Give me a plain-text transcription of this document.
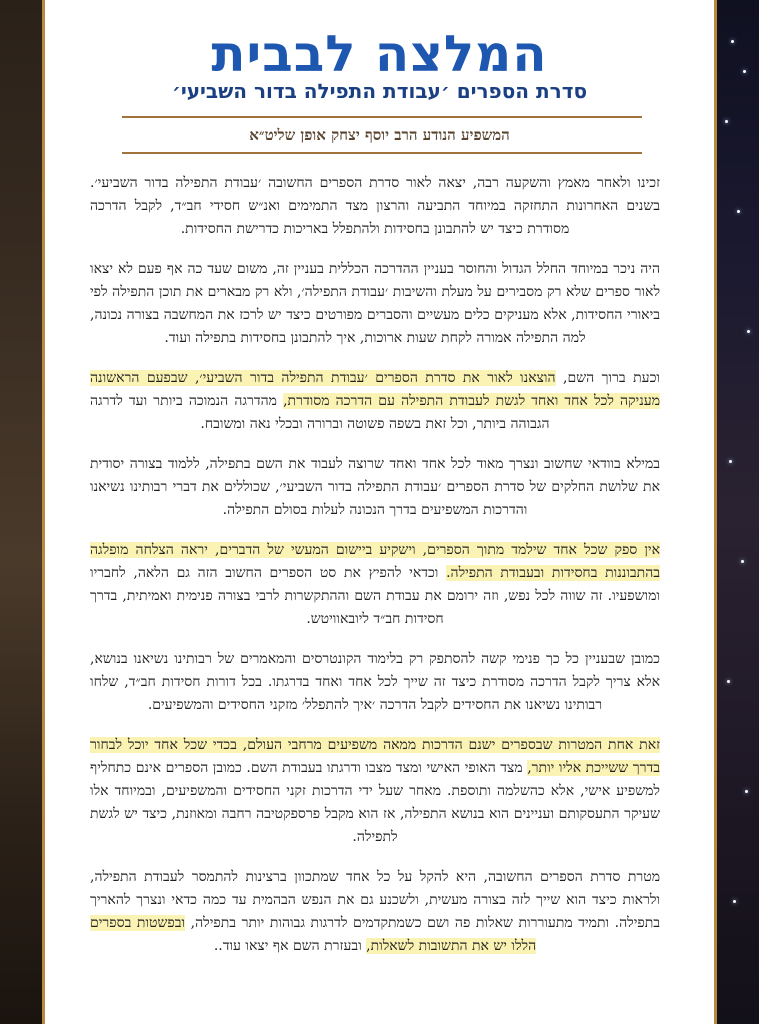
המלצה לבבית
סדרת הספרים ׳עבודת התפילה בדור השביעי׳
המשפיע הנודע הרב יוסף יצחק אופן שליט״א

זכינו ולאחר מאמץ והשקעה רבה, יצאה לאור סדרת הספרים החשובה ׳עבודת התפילה בדור השביעי׳. בשנים האחרונות התחזקה במיוחד התביעה והרצון מצד התמימים ואנ״ש חסידי חב״ד, לקבל הדרכה מסודרת כיצד יש להתבונן בחסידות ולהתפלל באריכות כדרישת החסידות.

היה ניכר במיוחד החלל הגדול והחוסר בעניין ההדרכה הכללית בעניין זה, משום שעד כה אף פעם לא יצאו לאור ספרים שלא רק מסבירים על מעלת והשיבות ׳עבודת התפילה׳, ולא רק מבארים את תוכן התפילה לפי ביאורי החסידות, אלא מעניקים כלים מעשיים והסברים מפורטים כיצד יש לרכז את המחשבה בצורה נכונה, למה התפילה אמורה לקחת שעות ארוכות, איך להתבונן בחסידות בתפילה ועוד.

וכעת ברוך השם, הוצאנו לאור את סדרת הספרים ׳עבודת התפילה בדור השביעי׳, שבפעם הראשונה מעניקה לכל אחד ואחד לגשת לעבודת התפילה עם הדרכה מסודרת, מהדרגה הנמוכה ביותר ועד לדרגה הגבוהה ביותר, וכל זאת בשפה פשוטה וברורה ובכלי נאה ומשובח.

במילא בוודאי שחשוב ונצרך מאוד לכל אחד ואחד שרוצה לעבוד את השם בתפילה, ללמוד בצורה יסודית את שלושת החלקים של סדרת הספרים ׳עבודת התפילה בדור השביעי׳, שכוללים את דברי רבותינו נשיאנו והדרכות המשפיעים בדרך הנכונה לעלות בסולם התפילה.

אין ספק שכל אחד שילמד מתוך הספרים, וישקיע ביישום המעשי של הדברים, יראה הצלחה מופלגה בהתבוננות בחסידות ובעבודת התפילה. וכדאי להפיץ את סט הספרים החשוב הזה גם הלאה, לחבריו ומושפעיו. זה שווה לכל נפש, וזה ירומם את עבודת השם וההתקשרות לרבי בצורה פנימית ואמיתית, בדרך חסידות חב״ד ליובאוויטש.

כמובן שבעניין כל כך פנימי קשה להסתפק רק בלימוד הקונטרסים והמאמרים של רבותינו נשיאנו בנושא, אלא צריך לקבל הדרכה מסודרת כיצד זה שייך לכל אחד ואחד בדרגתו. בכל דורות חסידות חב״ד, שלחו רבותינו נשיאנו את החסידים לקבל הדרכה ׳איך להתפלל׳ מזקני החסידים והמשפיעים.

זאת אחת המטרות שבספרים ישנם הדרכות ממאה משפיעים מרחבי העולם, בכדי שכל אחד יוכל לבחור בדרך ששייכת אליו יותר, מצד האופי האישי ומצד מצבו ודרגתו בעבודת השם. כמובן הספרים אינם כתחליף למשפיע אישי, אלא כהשלמה ותוספת. מאחר שעל ידי הדרכות זקני החסידים והמשפיעים, ובמיוחד אלו שעיקר התעסקותם ועניינים הוא בנושא התפילה, אז הוא מקבל פרספקטיבה רחבה ומאוזנת, כיצד יש לגשת לתפילה.

מטרת סדרת הספרים החשובה, היא להקל על כל אחד שמתכוון ברצינות להתמסר לעבודת התפילה, ולראות כיצד הוא שייך לזה בצורה מעשית, ולשכנע גם את הנפש הבהמית עד כמה כדאי ונצרך להאריך בתפילה. ותמיד מתעוררות שאלות פה ושם כשמתקדמים לדרגות גבוהות יותר בתפילה, ובפשטות בספרים הללו יש את התשובות לשאלות, ובעזרת השם אף יצאו עוד..
